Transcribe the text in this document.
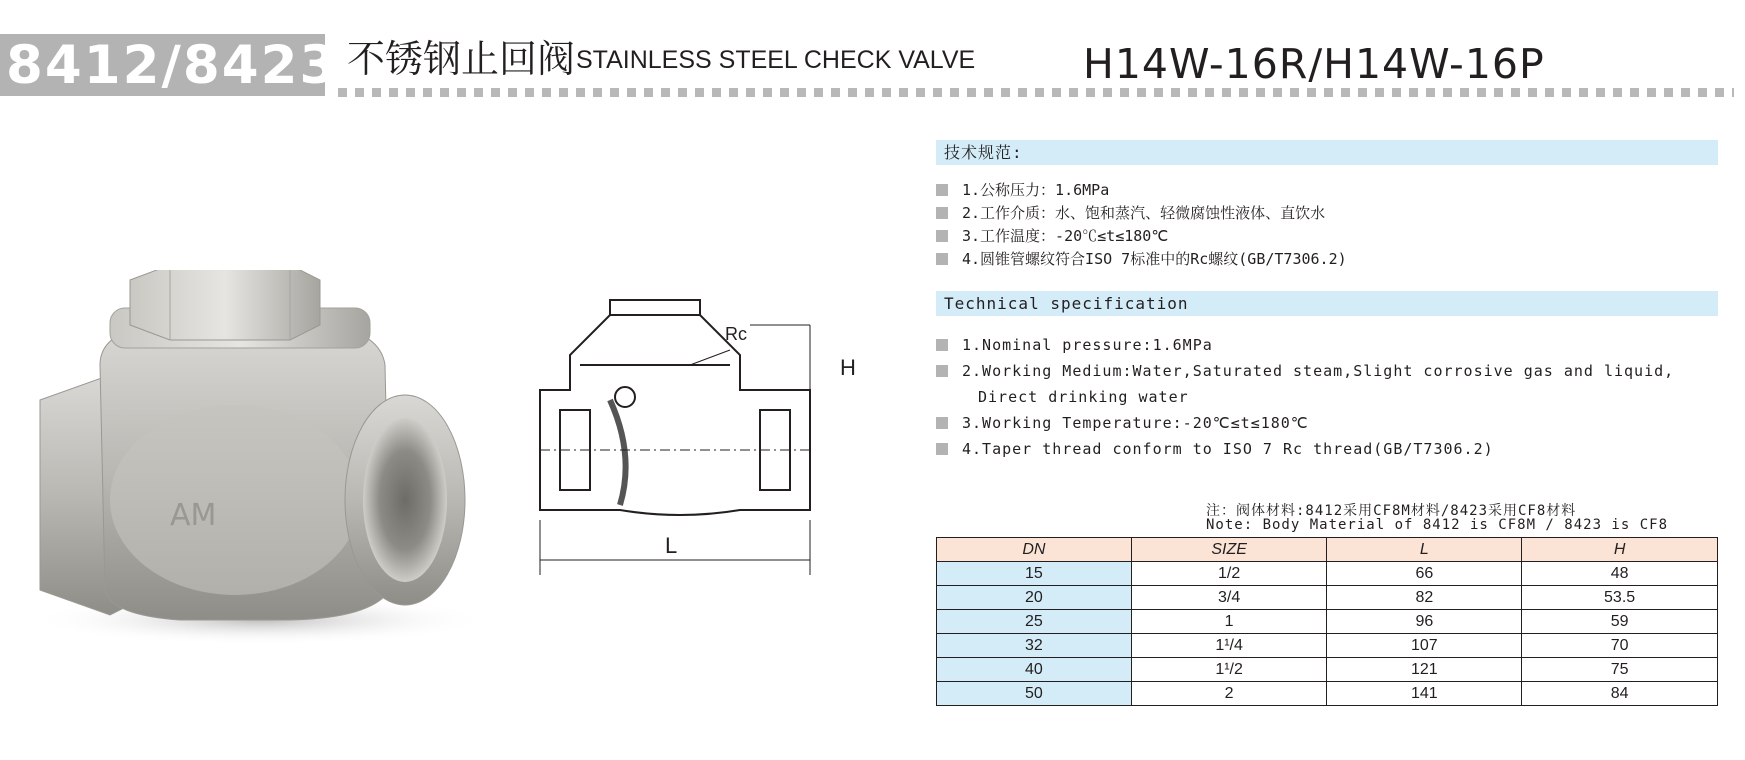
8412/8423 不锈钢止回阀 STAINLESS STEEL CHECK VALVE	H14W-16R/H14W-16P
AM
Rc
H
L
技术规范:
1.公称压力：1.6MPa
2.工作介质：水、饱和蒸汽、轻微腐蚀性液体、直饮水
3.工作温度：-20℃≤t≤180℃
4.圆锥管螺纹符合ISO 7标准中的Rc螺纹(GB/T7306.2)
Technical specification
1.Nominal pressure:1.6MPa
2.Working Medium:Water,Saturated steam,Slight corrosive gas and liquid,
Direct drinking water
3.Working Temperature:-20℃≤t≤180℃
4.Taper thread conform to ISO 7 Rc thread(GB/T7306.2)
注：阀体材料:8412采用CF8M材料/8423采用CF8材料
Note: Body Material of 8412 is CF8M / 8423 is CF8
DN	SIZE	L	H
15	1/2	66	48
20	3/4	82	53.5
25	1	96	59
32	1¹/4	107	70
40	1¹/2	121	75
50	2	141	84
